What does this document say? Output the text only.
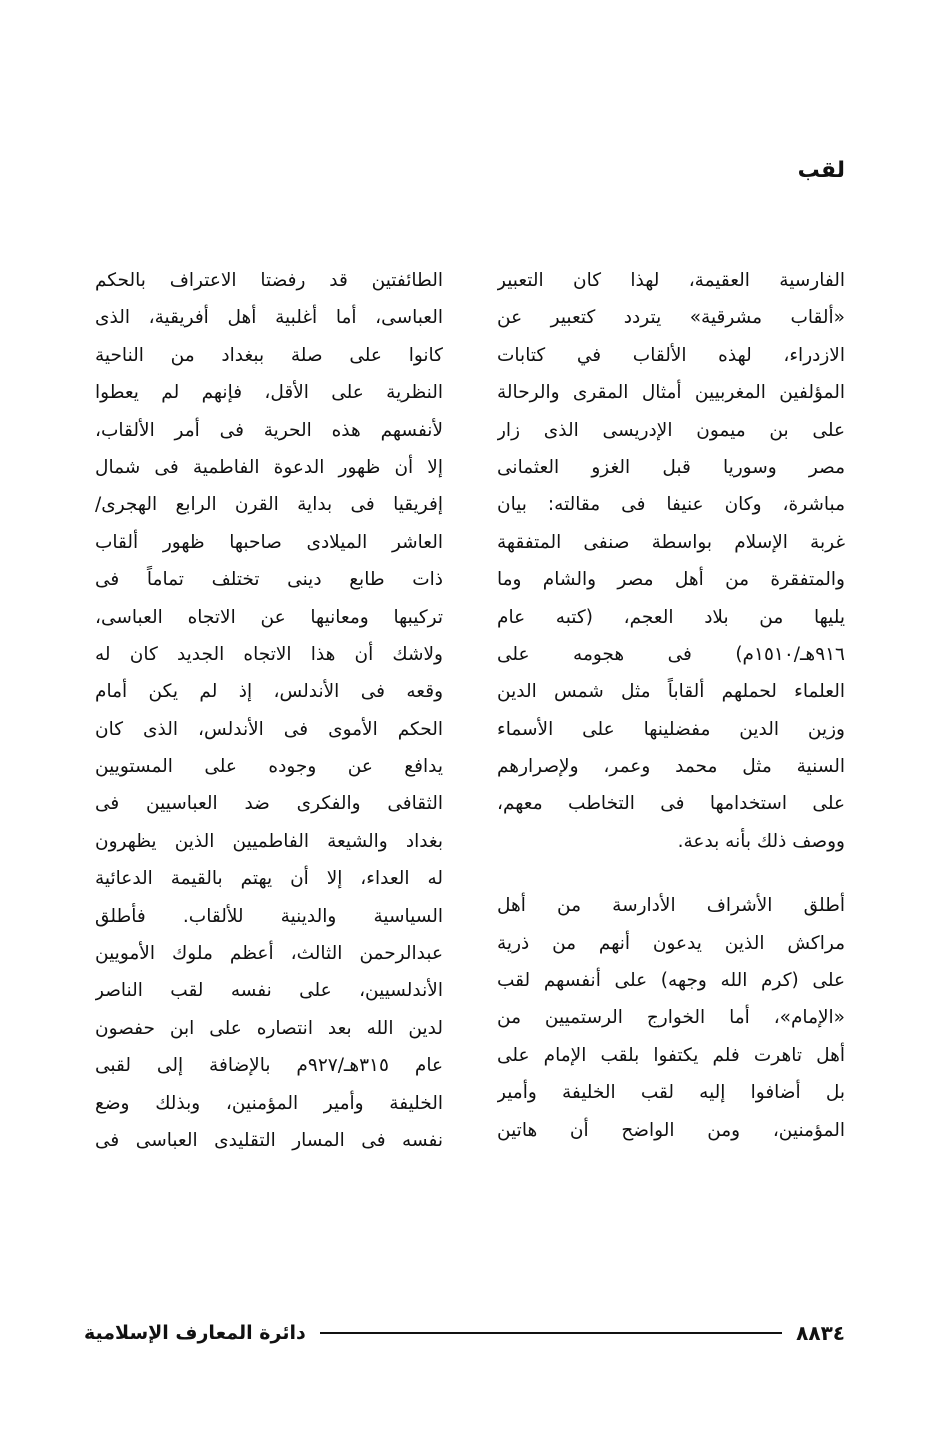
لقب
الفارسية العقيمة، لهذا كان التعبير
«ألقاب مشرقية» يتردد كتعبير عن
الازدراء، لهذه الألقاب في كتابات
المؤلفين المغربيين أمثال المقرى والرحالة
على بن ميمون الإدريسى الذى زار
مصر وسوريا قبل الغزو العثمانى
مباشرة، وكان عنيفا فى مقالته: بيان
غربة الإسلام بواسطة صنفى المتفقهة
والمتفقرة من أهل مصر والشام وما
يليها من بلاد العجم، (كتبه عام
٩١٦هـ/١٥١٠م) فى هجومه على
العلماء لحملهم ألقاباً مثل شمس الدين
وزين الدين مفضلينها على الأسماء
السنية مثل محمد وعمر، ولإصرارهم
على استخدامها فى التخاطب معهم،
ووصف ذلك بأنه بدعة.
أطلق الأشراف الأدارسة من أهل
مراكش الذين يدعون أنهم من ذرية
على (كرم الله وجهه) على أنفسهم لقب
«الإمام»، أما الخوارج الرستميين من
أهل تاهرت فلم يكتفوا بلقب الإمام على
بل أضافوا إليه لقب الخليفة وأمير
المؤمنين، ومن الواضح أن هاتين
الطائفتين قد رفضتا الاعتراف بالحكم
العباسى، أما أغلبية أهل أفريقية، الذى
كانوا على صلة ببغداد من الناحية
النظرية على الأقل، فإنهم لم يعطوا
لأنفسهم هذه الحرية فى أمر الألقاب،
إلا أن ظهور الدعوة الفاطمية فى شمال
إفريقيا فى بداية القرن الرابع الهجرى/
العاشر الميلادى صاحبها ظهور ألقاب
ذات طابع دينى تختلف تماماً فى
تركيبها ومعانيها عن الاتجاه العباسى،
ولاشك أن هذا الاتجاه الجديد كان له
وقعه فى الأندلس، إذ لم يكن أمام
الحكم الأموى فى الأندلس، الذى كان
يدافع عن وجوده على المستويين
الثقافى والفكرى ضد العباسيين فى
بغداد والشيعة الفاطميين الذين يظهرون
له العداء، إلا أن يهتم بالقيمة الدعائية
السياسية والدينية للألقاب. فأطلق
عبدالرحمن الثالث، أعظم ملوك الأمويين
الأندلسيين، على نفسه لقب الناصر
لدين الله بعد انتصاره على ابن حفصون
عام ٣١٥هـ/٩٢٧م بالإضافة إلى لقبى
الخليفة وأمير المؤمنين، وبذلك وضع
نفسه فى المسار التقليدى العباسى فى
٨٨٣٤
دائرة المعارف الإسلامية
